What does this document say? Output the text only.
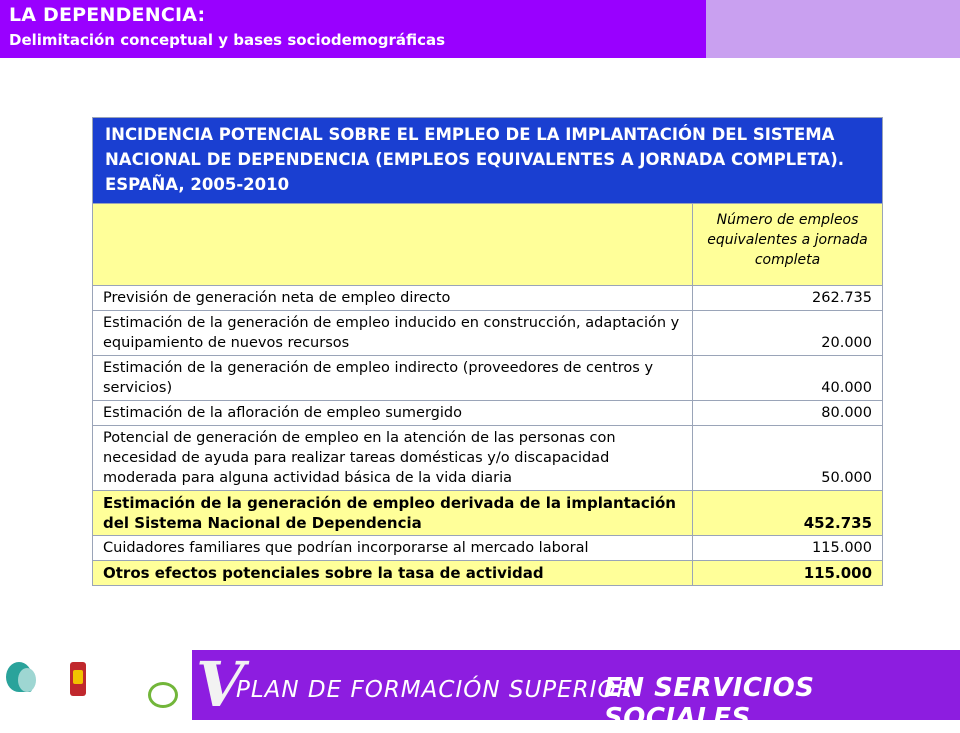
LA DEPENDENCIA:
Delimitación conceptual y bases sociodemográficas
INCIDENCIA POTENCIAL SOBRE EL EMPLEO DE LA IMPLANTACIÓN DEL SISTEMA NACIONAL DE DEPENDENCIA (EMPLEOS EQUIVALENTES A JORNADA COMPLETA). ESPAÑA, 2005-2010	
	Número de empleos equivalentes a jornada completa
Previsión de generación neta de empleo directo	262.735
Estimación de la generación de empleo inducido en construcción, adaptación y equipamiento de nuevos recursos	20.000
Estimación de la generación de empleo indirecto (proveedores de centros y servicios)	40.000
Estimación de la afloración de empleo sumergido	80.000
Potencial de generación de empleo en la atención de las personas con necesidad de ayuda para realizar tareas domésticas y/o discapacidad moderada para alguna actividad básica de la vida diaria	50.000
Estimación de la generación de empleo derivada de la implantación del Sistema Nacional de Dependencia	452.735
Cuidadores familiares que podrían incorporarse al mercado laboral	115.000
Otros efectos potenciales sobre la tasa de actividad	115.000
V
PLAN DE FORMACIÓN SUPERIOR
EN SERVICIOS SOCIALES
